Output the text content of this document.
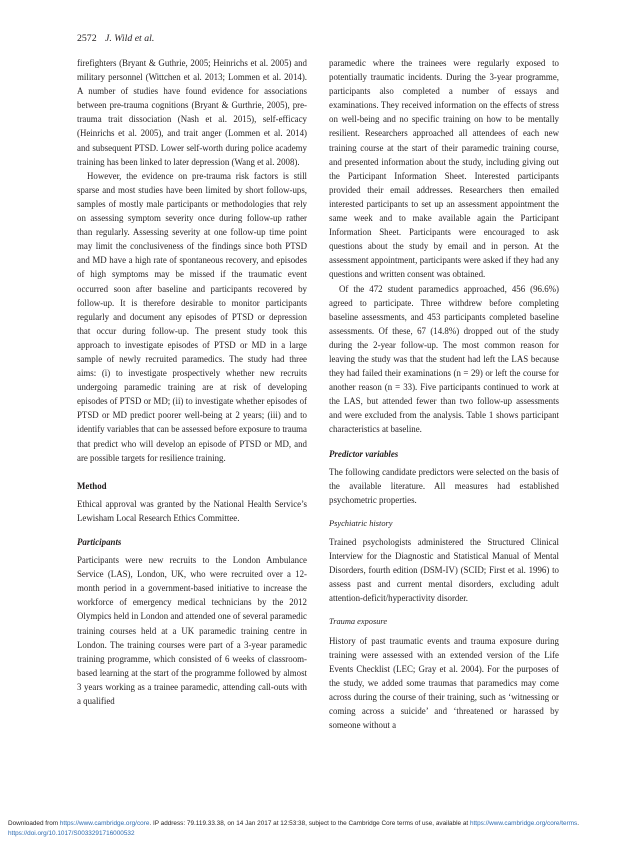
2572 J. Wild et al.

firefighters (Bryant & Guthrie, 2005; Heinrichs et al. 2005) and military personnel (Wittchen et al. 2013; Lommen et al. 2014). A number of studies have found evidence for associations between pre-trauma cognitions (Bryant & Gurthrie, 2005), pre-trauma trait dissociation (Nash et al. 2015), self-efficacy (Heinrichs et al. 2005), and trait anger (Lommen et al. 2014) and subsequent PTSD. Lower self-worth during police academy training has been linked to later depression (Wang et al. 2008).

However, the evidence on pre-trauma risk factors is still sparse and most studies have been limited by short follow-ups, samples of mostly male participants or methodologies that rely on assessing symptom severity once during follow-up rather than regularly. Assessing severity at one follow-up time point may limit the conclusiveness of the findings since both PTSD and MD have a high rate of spontaneous recovery, and episodes of high symptoms may be missed if the traumatic event occurred soon after baseline and participants recovered by follow-up. It is therefore desirable to monitor participants regularly and document any episodes of PTSD or depression that occur during follow-up. The present study took this approach to investigate episodes of PTSD or MD in a large sample of newly recruited paramedics. The study had three aims: (i) to investigate prospectively whether new recruits undergoing paramedic training are at risk of developing episodes of PTSD or MD; (ii) to investigate whether episodes of PTSD or MD predict poorer well-being at 2 years; (iii) and to identify variables that can be assessed before exposure to trauma that predict who will develop an episode of PTSD or MD, and are possible targets for resilience training.

Method

Ethical approval was granted by the National Health Service’s Lewisham Local Research Ethics Committee.

Participants

Participants were new recruits to the London Ambulance Service (LAS), London, UK, who were recruited over a 12-month period in a government-based initiative to increase the workforce of emergency medical technicians by the 2012 Olympics held in London and attended one of several paramedic training courses held at a UK paramedic training centre in London. The training courses were part of a 3-year paramedic training programme, which consisted of 6 weeks of classroom-based learning at the start of the programme followed by almost 3 years working as a trainee paramedic, attending call-outs with a qualified

paramedic where the trainees were regularly exposed to potentially traumatic incidents. During the 3-year programme, participants also completed a number of essays and examinations. They received information on the effects of stress on well-being and no specific training on how to be mentally resilient. Researchers approached all attendees of each new training course at the start of their paramedic training course, and presented information about the study, including giving out the Participant Information Sheet. Interested participants provided their email addresses. Researchers then emailed interested participants to set up an assessment appointment the same week and to make available again the Participant Information Sheet. Participants were encouraged to ask questions about the study by email and in person. At the assessment appointment, participants were asked if they had any questions and written consent was obtained.

Of the 472 student paramedics approached, 456 (96.6%) agreed to participate. Three withdrew before completing baseline assessments, and 453 participants completed baseline assessments. Of these, 67 (14.8%) dropped out of the study during the 2-year follow-up. The most common reason for leaving the study was that the student had left the LAS because they had failed their examinations (n = 29) or left the course for another reason (n = 33). Five participants continued to work at the LAS, but attended fewer than two follow-up assessments and were excluded from the analysis. Table 1 shows participant characteristics at baseline.

Predictor variables

The following candidate predictors were selected on the basis of the available literature. All measures had established psychometric properties.

Psychiatric history

Trained psychologists administered the Structured Clinical Interview for the Diagnostic and Statistical Manual of Mental Disorders, fourth edition (DSM-IV) (SCID; First et al. 1996) to assess past and current mental disorders, excluding adult attention-deficit/hyperactivity disorder.

Trauma exposure

History of past traumatic events and trauma exposure during training were assessed with an extended version of the Life Events Checklist (LEC; Gray et al. 2004). For the purposes of the study, we added some traumas that paramedics may come across during the course of their training, such as ‘witnessing or coming across a suicide’ and ‘threatened or harassed by someone without a

Downloaded from https://www.cambridge.org/core. IP address: 79.119.33.38, on 14 Jan 2017 at 12:53:38, subject to the Cambridge Core terms of use, available at https://www.cambridge.org/core/terms.
https://doi.org/10.1017/S0033291716000532
